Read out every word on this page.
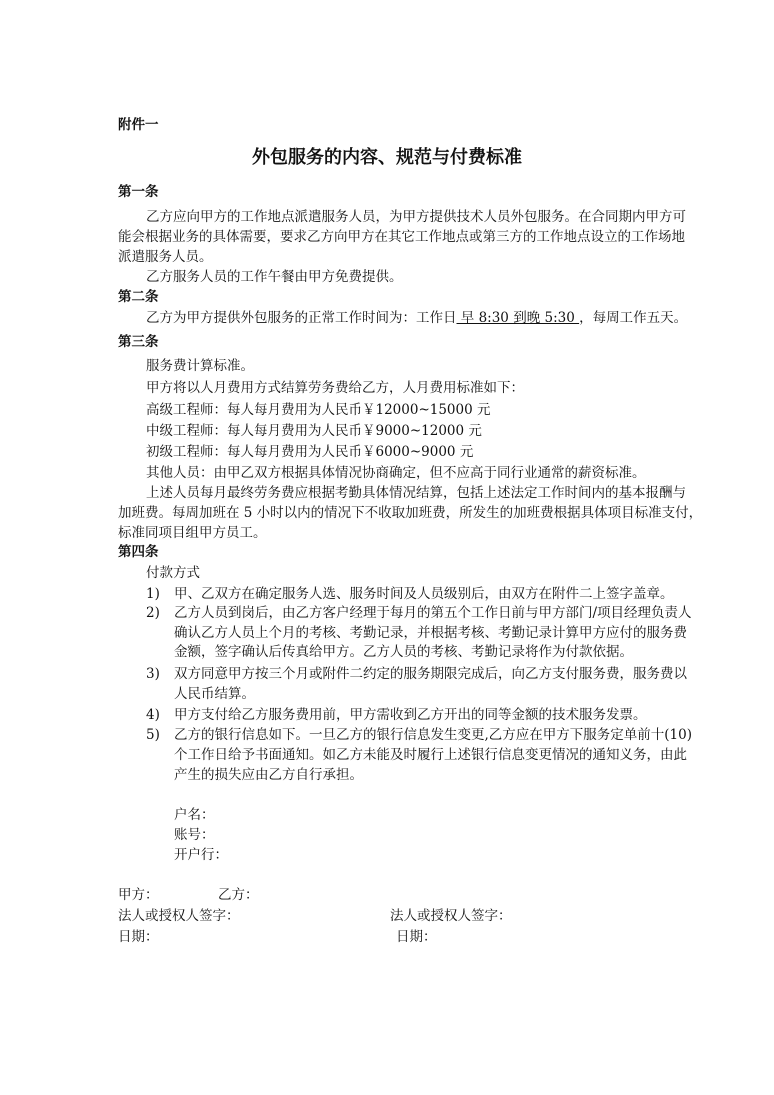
附件一
外包服务的内容、规范与付费标准
第一条
乙方应向甲方的工作地点派遣服务人员，为甲方提供技术人员外包服务。在合同期内甲方可
能会根据业务的具体需要，要求乙方向甲方在其它工作地点或第三方的工作地点设立的工作场地
派遣服务人员。
乙方服务人员的工作午餐由甲方免费提供。
第二条
乙方为甲方提供外包服务的正常工作时间为：工作日 早 8:30 到晚 5:30 ，每周工作五天。
第三条
服务费计算标准。
甲方将以人月费用方式结算劳务费给乙方，人月费用标准如下：
高级工程师：每人每月费用为人民币￥12000~15000 元
中级工程师：每人每月费用为人民币￥9000~12000 元
初级工程师：每人每月费用为人民币￥6000~9000 元
其他人员：由甲乙双方根据具体情况协商确定，但不应高于同行业通常的薪资标准。
上述人员每月最终劳务费应根据考勤具体情况结算，包括上述法定工作时间内的基本报酬与
加班费。每周加班在 5 小时以内的情况下不收取加班费，所发生的加班费根据具体项目标准支付，
标准同项目组甲方员工。
第四条
付款方式
1) 甲、乙双方在确定服务人选、服务时间及人员级别后，由双方在附件二上签字盖章。
2) 乙方人员到岗后，由乙方客户经理于每月的第五个工作日前与甲方部门/项目经理负责人
确认乙方人员上个月的考核、考勤记录，并根据考核、考勤记录计算甲方应付的服务费
金额，签字确认后传真给甲方。乙方人员的考核、考勤记录将作为付款依据。
3) 双方同意甲方按三个月或附件二约定的服务期限完成后，向乙方支付服务费，服务费以
人民币结算。
4) 甲方支付给乙方服务费用前，甲方需收到乙方开出的同等金额的技术服务发票。
5) 乙方的银行信息如下。一旦乙方的银行信息发生变更,乙方应在甲方下服务定单前十(10)
个工作日给予书面通知。如乙方未能及时履行上述银行信息变更情况的通知义务，由此
产生的损失应由乙方自行承担。
户名：
账号：
开户行：
甲方：	乙方：
法人或授权人签字：	法人或授权人签字：
日期：	日期：
